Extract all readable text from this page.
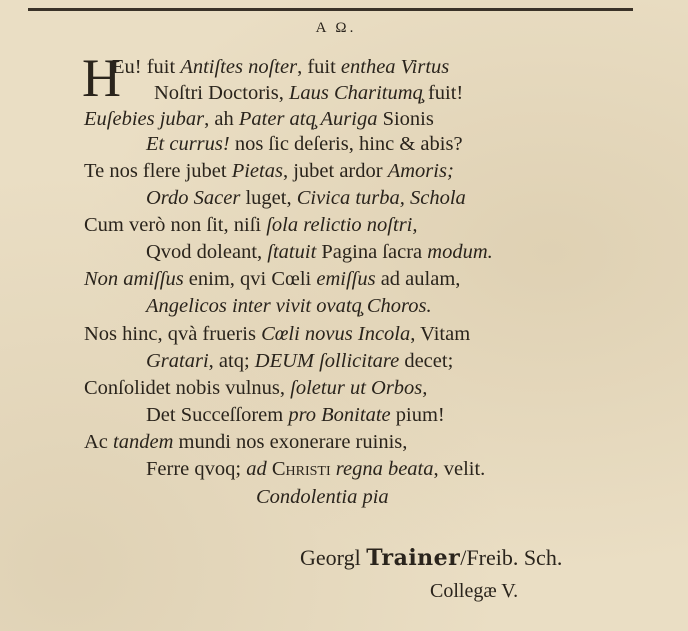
Α Ω.
H
Eu! fuit Antiſtes noſter, fuit enthea Virtus
Noſtri Doctoris, Laus Charitumq̧ fuit!
Euſebies jubar, ah Pater atq̧ Auriga Sionis
Et currus! nos ſic deſeris, hinc & abis?
Te nos flere jubet Pietas, jubet ardor Amoris;
Ordo Sacer luget, Civica turba, Schola
Cum verò non ſit, niſi ſola relictio noſtri,
Qvod doleant, ſtatuit Pagina ſacra modum.
Non amiſſus enim, qvi Cœli emiſſus ad aulam,
Angelicos inter vivit ovatq̧ Choros.
Nos hinc, qvà frueris Cœli novus Incola, Vitam
Gratari, atq; DEUM ſollicitare decet;
Conſolidet nobis vulnus, ſoletur ut Orbos,
Det Succeſſorem pro Bonitate pium!
Ac tandem mundi nos exonerare ruinis,
Ferre qvoq; ad Christi regna beata, velit.
Condolentia pia
Georgl Trainer/Freib. Sch.
Collegæ V.
